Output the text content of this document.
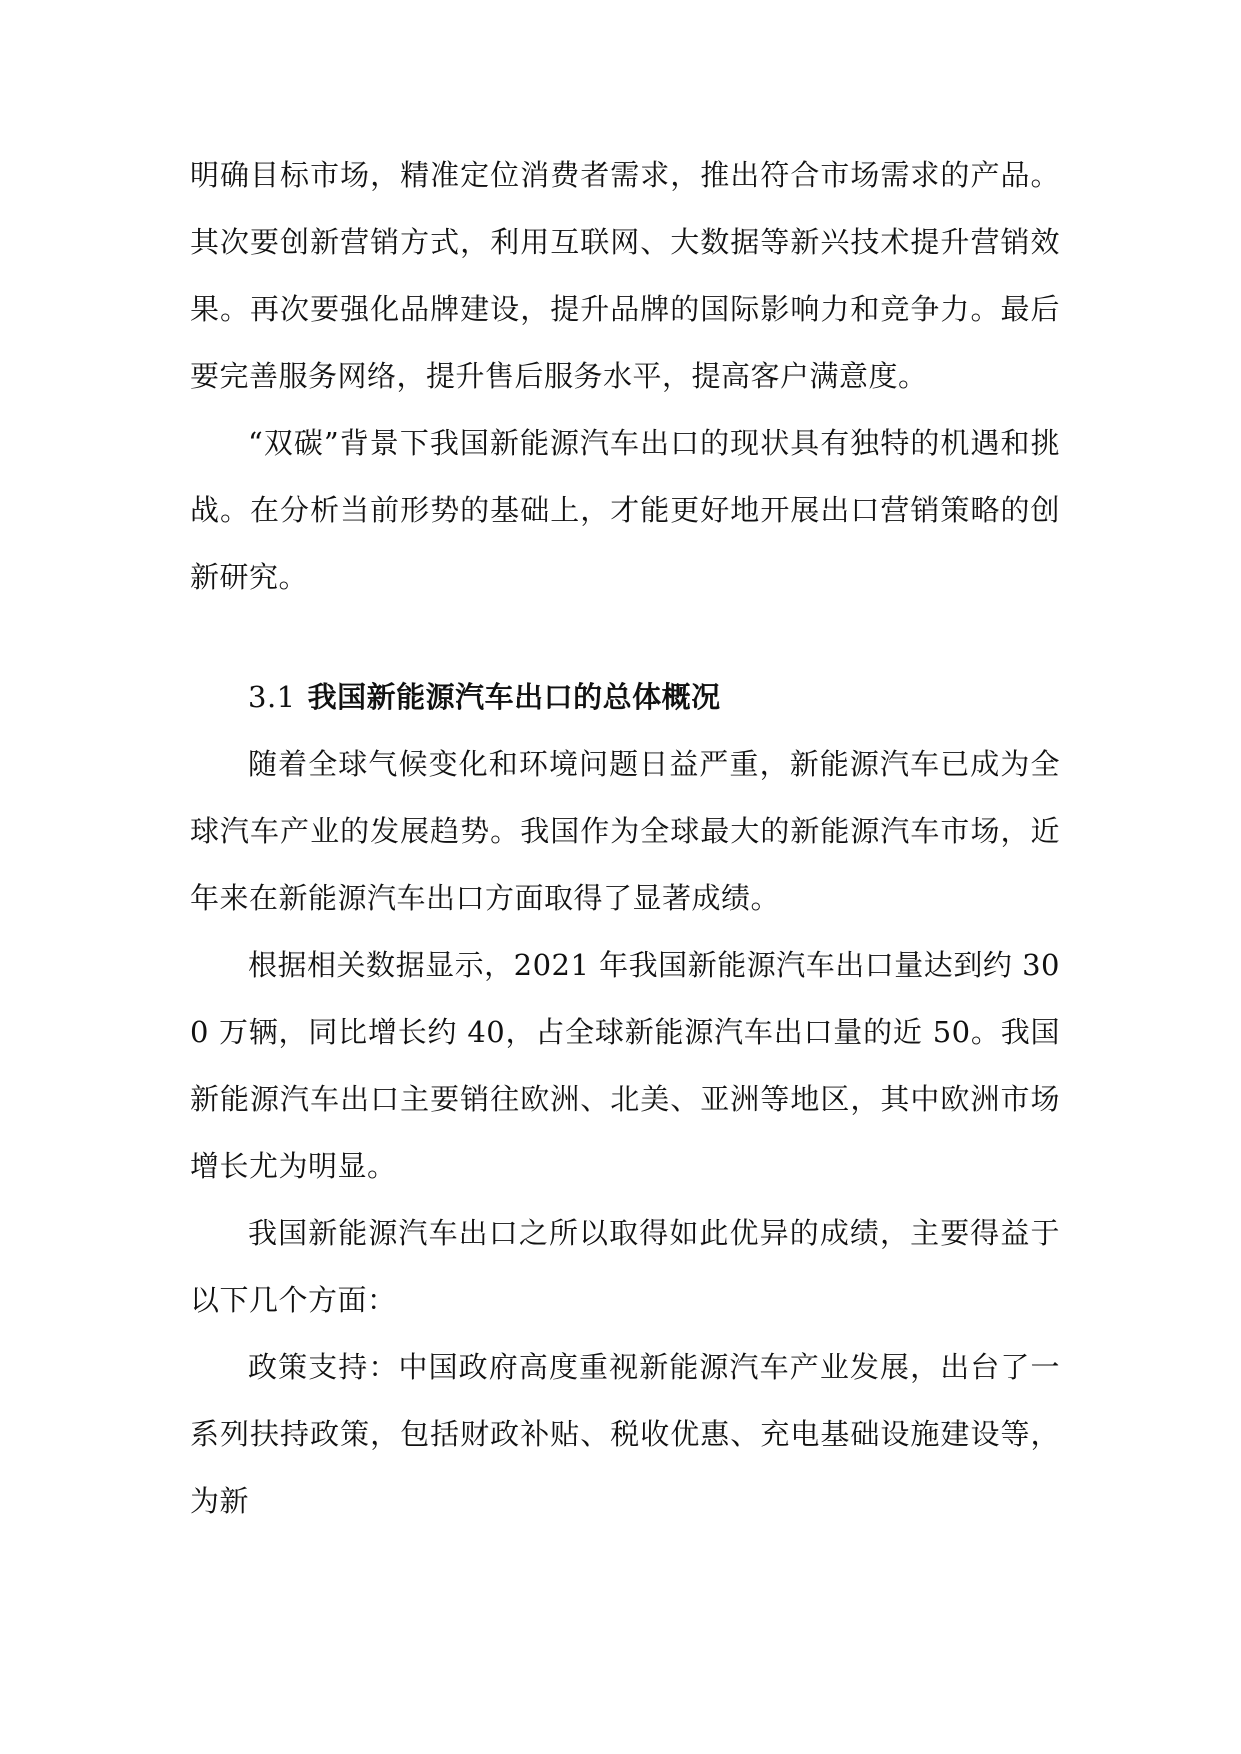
明确目标市场，精准定位消费者需求，推出符合市场需求的产品。其次要创新营销方式，利用互联网、大数据等新兴技术提升营销效果。再次要强化品牌建设，提升品牌的国际影响力和竞争力。最后要完善服务网络，提升售后服务水平，提高客户满意度。

“双碳”背景下我国新能源汽车出口的现状具有独特的机遇和挑战。在分析当前形势的基础上，才能更好地开展出口营销策略的创新研究。

3.1 我国新能源汽车出口的总体概况

随着全球气候变化和环境问题日益严重，新能源汽车已成为全球汽车产业的发展趋势。我国作为全球最大的新能源汽车市场，近年来在新能源汽车出口方面取得了显著成绩。

根据相关数据显示，2021 年我国新能源汽车出口量达到约 300 万辆，同比增长约 40，占全球新能源汽车出口量的近 50。我国新能源汽车出口主要销往欧洲、北美、亚洲等地区，其中欧洲市场增长尤为明显。

我国新能源汽车出口之所以取得如此优异的成绩，主要得益于以下几个方面：

政策支持：中国政府高度重视新能源汽车产业发展，出台了一系列扶持政策，包括财政补贴、税收优惠、充电基础设施建设等，为新
